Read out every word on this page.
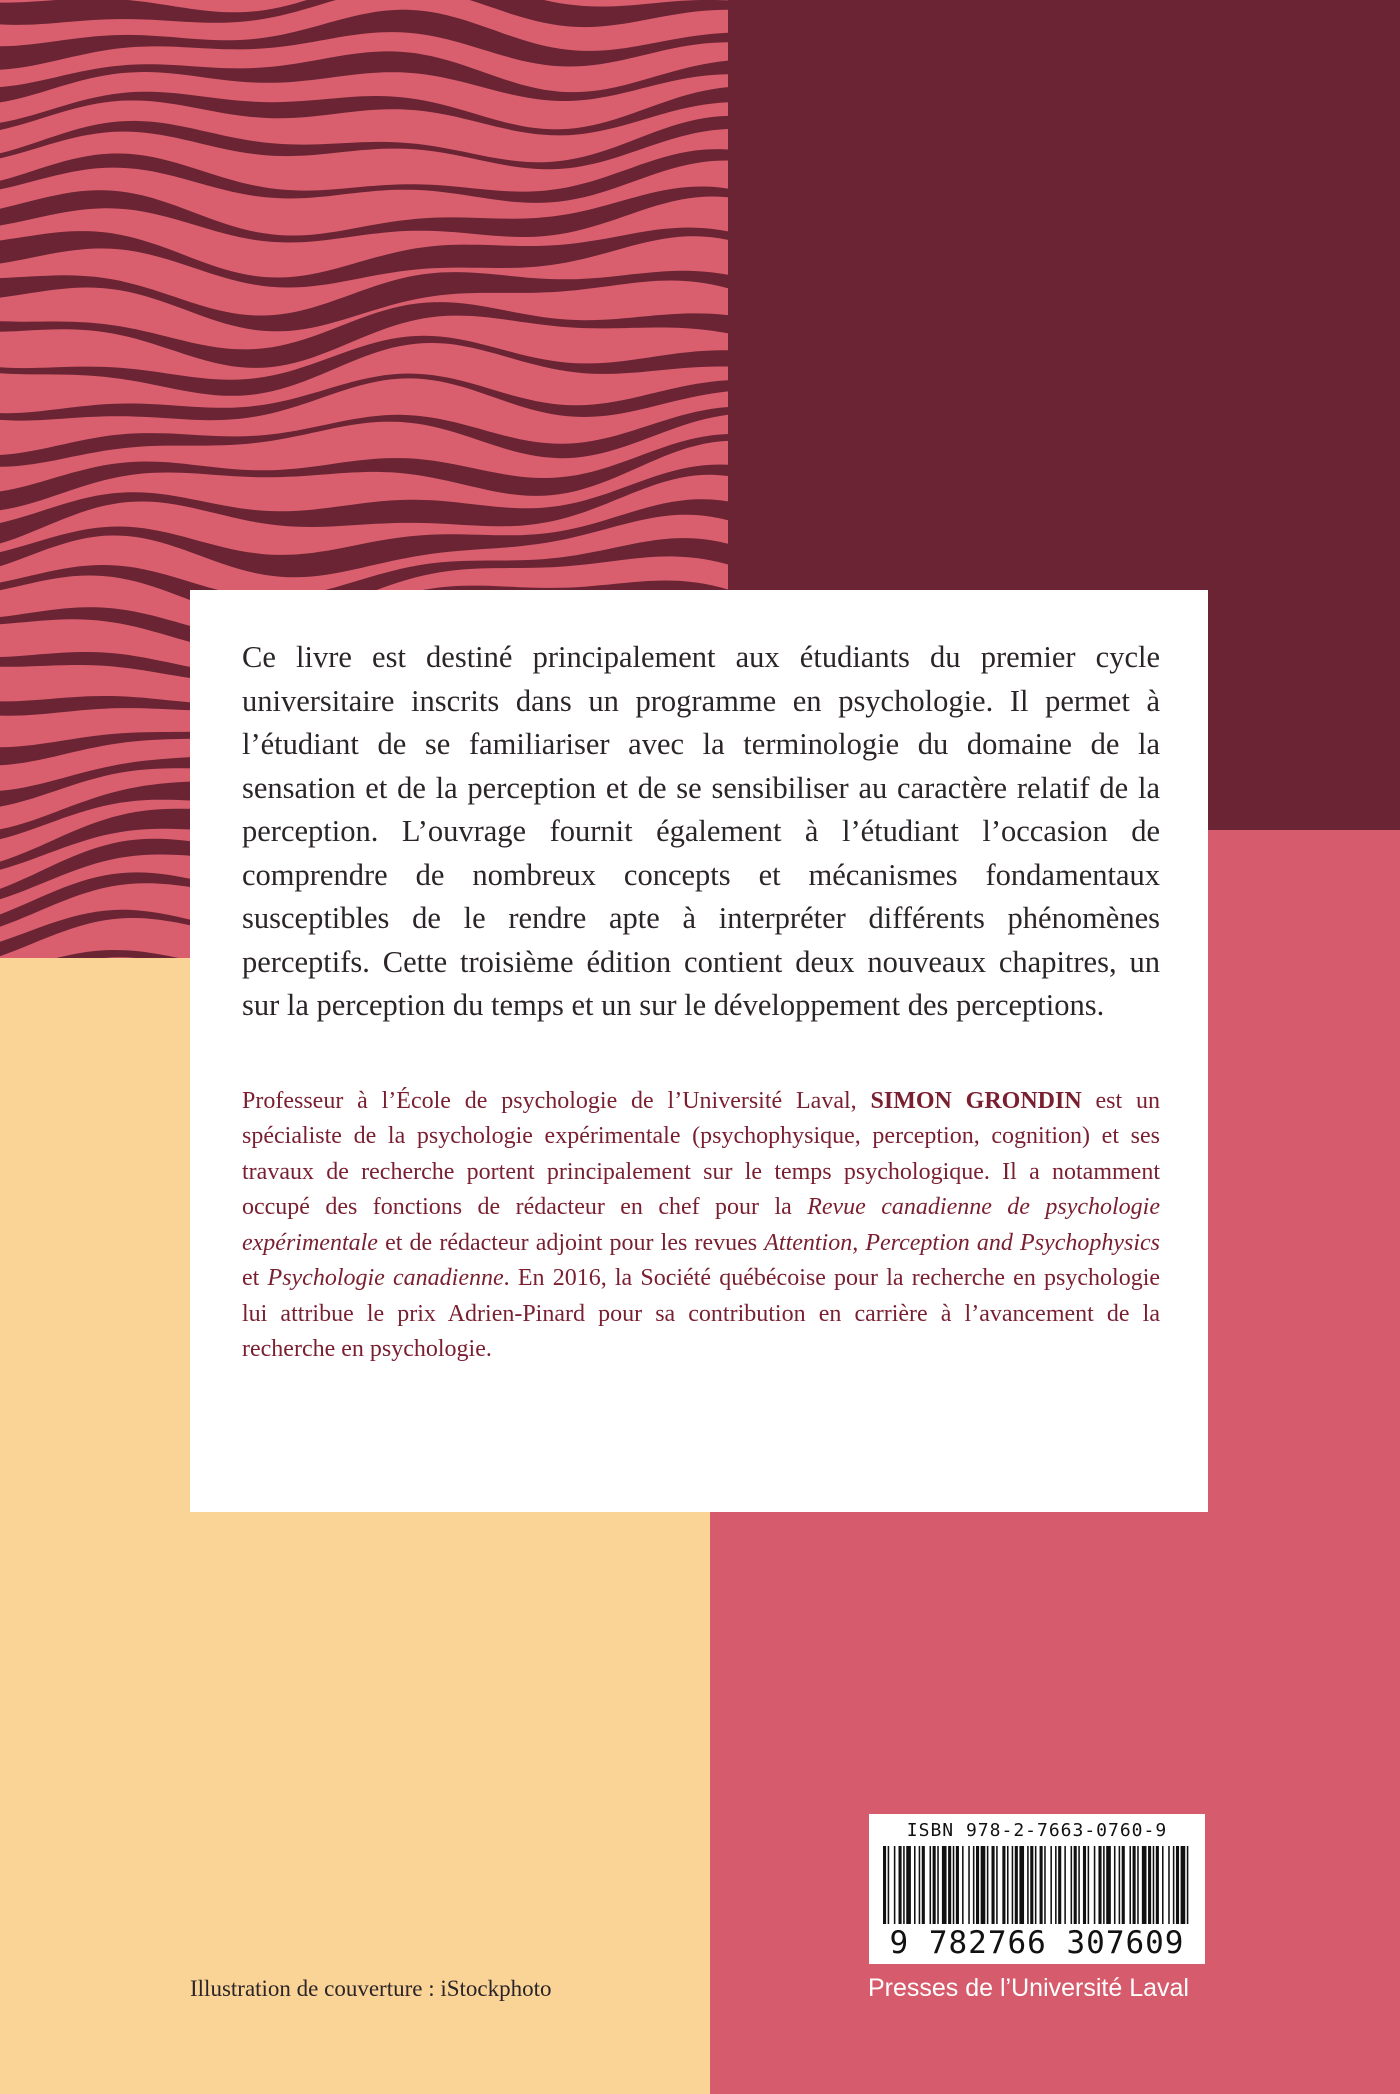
Ce livre est destiné principalement aux étudiants du premier cycle universitaire inscrits dans un programme en psychologie. Il permet à l’étudiant de se familiariser avec la terminologie du domaine de la sensation et de la perception et de se sensibiliser au caractère relatif de la perception. L’ouvrage fournit également à l’étudiant l’occasion de comprendre de nombreux concepts et mécanismes fondamentaux susceptibles de le rendre apte à interpréter différents phénomènes perceptifs. Cette troisième édition contient deux nouveaux chapitres, un sur la perception du temps et un sur le développement des perceptions.

Professeur à l’École de psychologie de l’Université Laval, SIMON GRONDIN est un spécialiste de la psychologie expérimentale (psychophysique, perception, cognition) et ses travaux de recherche portent principalement sur le temps psychologique. Il a notamment occupé des fonctions de rédacteur en chef pour la Revue canadienne de psychologie expérimentale et de rédacteur adjoint pour les revues Attention, Perception and Psychophysics et Psychologie canadienne. En 2016, la Société québécoise pour la recherche en psychologie lui attribue le prix Adrien-Pinard pour sa contribution en carrière à l’avancement de la recherche en psychologie.

ISBN 978-2-7663-0760-9
9 782766 307609
Illustration de couverture : iStockphoto	Presses de l’Université Laval
